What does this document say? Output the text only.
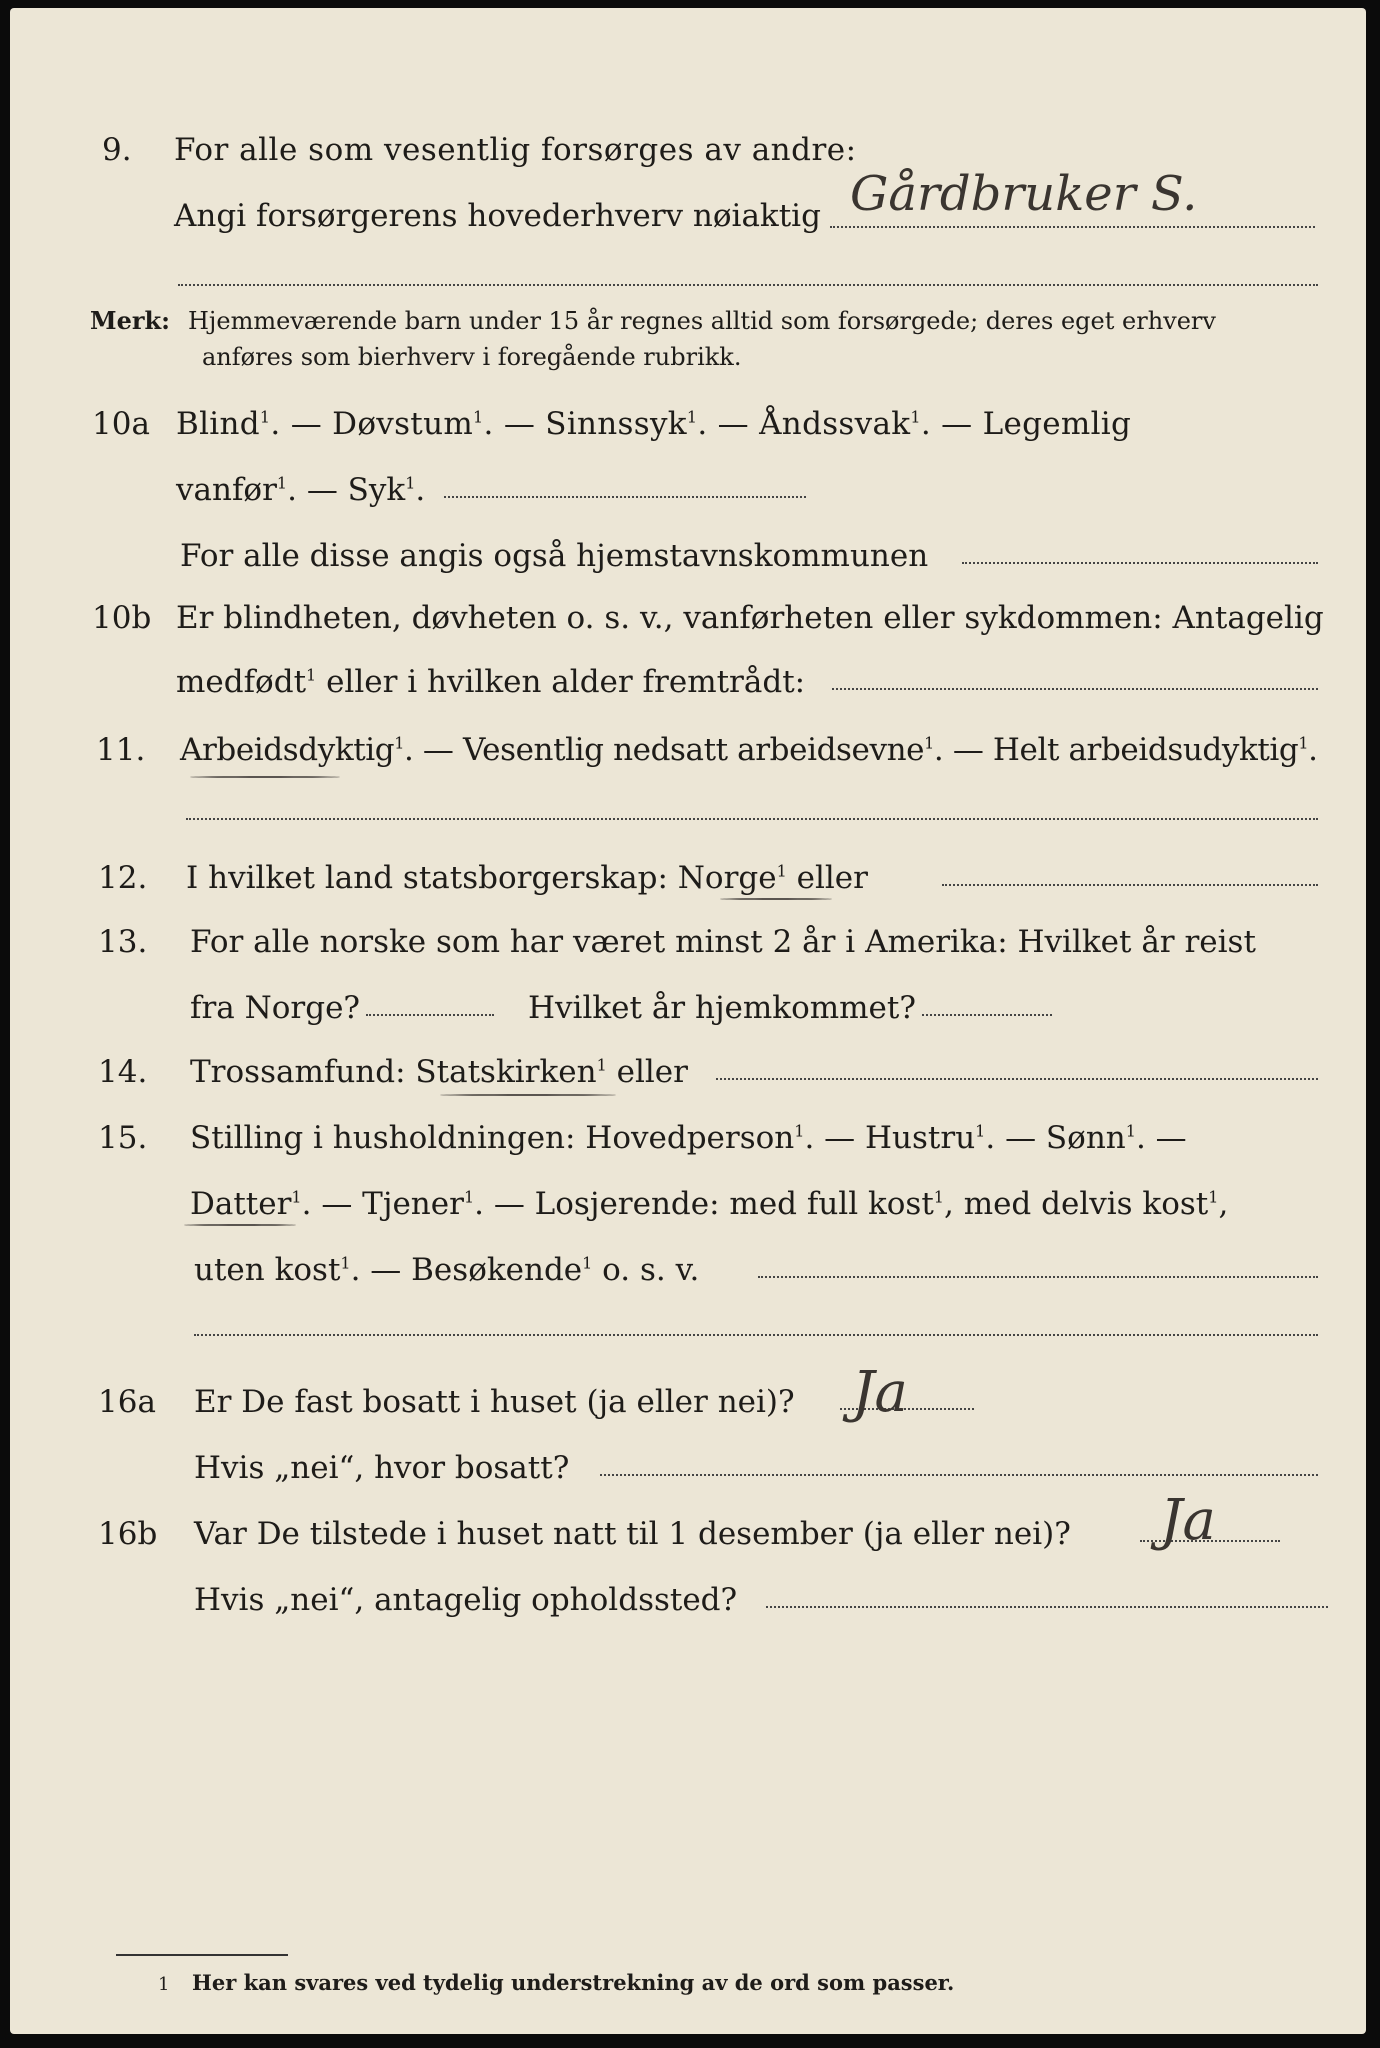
9. For alle som vesentlig forsørges av andre:
Angi forsørgerens hovederhverv nøiaktig Gårdbruker S.
Merk: Hjemmeværende barn under 15 år regnes alltid som forsørgede; deres eget erhverv
anføres som bierhverv i foregående rubrikk.
10a Blind$^1$. — Døvstum$^1$. — Sinnssyk$^1$. — Åndssvak$^1$. — Legemlig
vanfør$^1$. — Syk$^1$.
For alle disse angis også hjemstavnskommunen
10b Er blindheten, døvheten o. s. v., vanførheten eller sykdommen: Antagelig
medfødt$^1$ eller i hvilken alder fremtrådt:
11. Arbeidsdyktig$^1$. — Vesentlig nedsatt arbeidsevne$^1$. — Helt arbeidsudyktig$^1$.
12. I hvilket land statsborgerskap: Norge$^1$ eller
13. For alle norske som har været minst 2 år i Amerika: Hvilket år reist
fra Norge?	Hvilket år hjemkommet?
14. Trossamfund: Statskirken$^1$ eller
15. Stilling i husholdningen: Hovedperson$^1$. — Hustru$^1$. — Sønn$^1$. —
Datter$^1$. — Tjener$^1$. — Losjerende: med full kost$^1$, med delvis kost$^1$,
uten kost$^1$. — Besøkende$^1$ o. s. v.
16a Er De fast bosatt i huset (ja eller nei)? Ja
Hvis „nei“, hvor bosatt?
16b Var De tilstede i huset natt til 1 desember (ja eller nei)? Ja
Hvis „nei“, antagelig opholdssted?
1 Her kan svares ved tydelig understrekning av de ord som passer.
